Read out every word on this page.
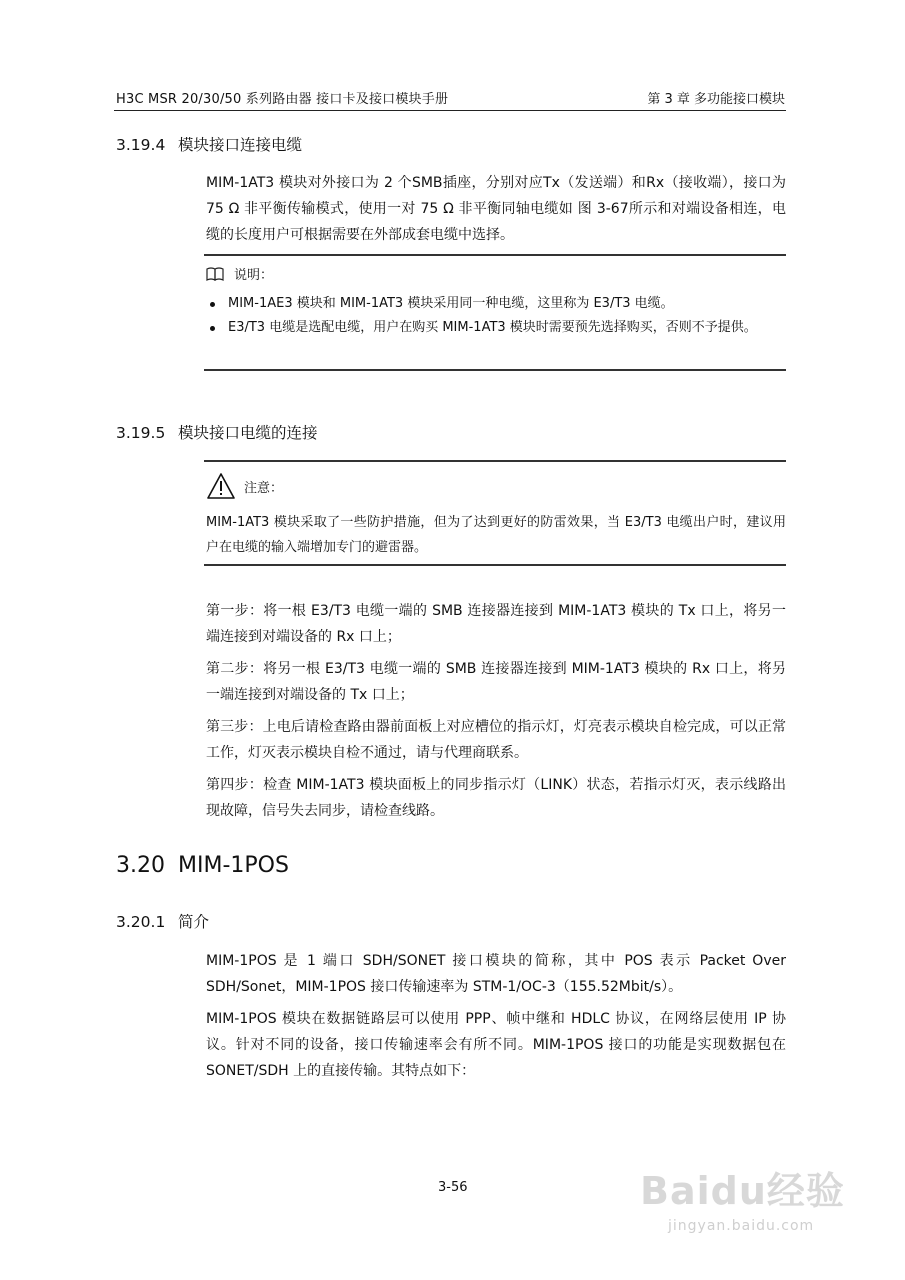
H3C MSR 20/30/50 系列路由器 接口卡及接口模块手册	第 3 章 多功能接口模块
3.19.4 模块接口连接电缆

MIM-1AT3 模块对外接口为 2 个SMB插座，分别对应Tx（发送端）和Rx（接收端），接口为 75 Ω 非平衡传输模式，使用一对 75 Ω 非平衡同轴电缆如 图 3-67所示和对端设备相连，电缆的长度用户可根据需要在外部成套电缆中选择。

说明：
MIM-1AE3 模块和 MIM-1AT3 模块采用同一种电缆，这里称为 E3/T3 电缆。
E3/T3 电缆是选配电缆，用户在购买 MIM-1AT3 模块时需要预先选择购买，否则不予提供。
3.19.5 模块接口电缆的连接
注意：
MIM-1AT3 模块采取了一些防护措施，但为了达到更好的防雷效果，当 E3/T3 电缆出户时，建议用户在电缆的输入端增加专门的避雷器。

第一步：将一根 E3/T3 电缆一端的 SMB 连接器连接到 MIM-1AT3 模块的 Tx 口上，将另一端连接到对端设备的 Rx 口上；

第二步：将另一根 E3/T3 电缆一端的 SMB 连接器连接到 MIM-1AT3 模块的 Rx 口上，将另一端连接到对端设备的 Tx 口上；

第三步：上电后请检查路由器前面板上对应槽位的指示灯，灯亮表示模块自检完成，可以正常工作，灯灭表示模块自检不通过，请与代理商联系。

第四步：检查 MIM-1AT3 模块面板上的同步指示灯（LINK）状态，若指示灯灭，表示线路出现故障，信号失去同步，请检查线路。

3.20 MIM-1POS
3.20.1 简介

MIM-1POS 是 1 端口 SDH/SONET 接口模块的简称，其中 POS 表示 Packet Over SDH/Sonet，MIM-1POS 接口传输速率为 STM-1/OC-3（155.52Mbit/s）。

MIM-1POS 模块在数据链路层可以使用 PPP、帧中继和 HDLC 协议，在网络层使用 IP 协议。针对不同的设备，接口传输速率会有所不同。MIM-1POS 接口的功能是实现数据包在 SONET/SDH 上的直接传输。其特点如下：

3-56	Baidu经验
jingyan.baidu.com
